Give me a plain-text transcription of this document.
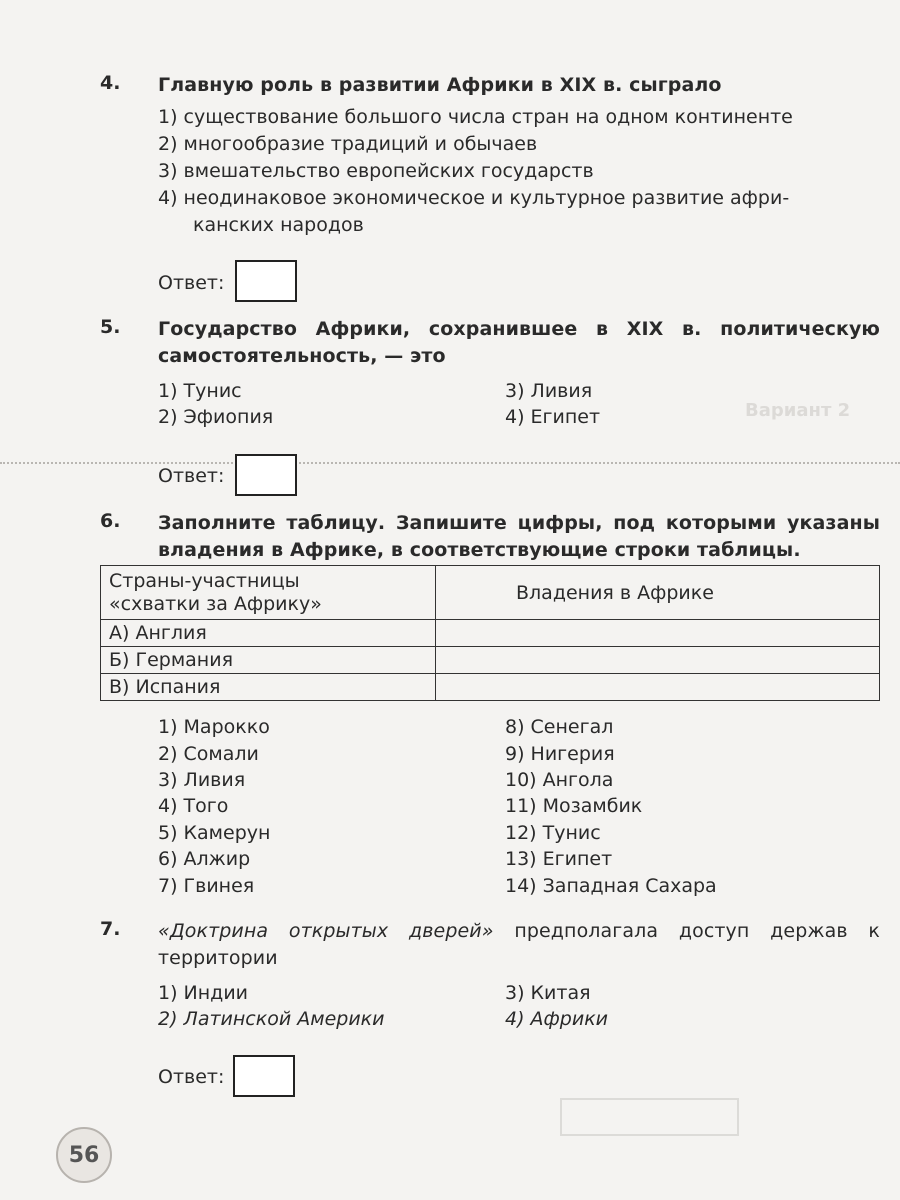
Вариант 2
4. Главную роль в развитии Африки в XIX в. сыграло
1) существование большого числа стран на одном континенте
2) многообразие традиций и обычаев
3) вмешательство европейских государств
4) неодинаковое экономическое и культурное развитие афри-
канских народов
Ответ:
5. Государство Африки, сохранившее в XIX в. политическую самостоятельность, — это
1) Тунис
2) Эфиопия
3) Ливия
4) Египет
Ответ:
6. Заполните таблицу. Запишите цифры, под которыми указаны владения в Африке, в соответствующие строки таблицы.
Страны-участницы
«схватки за Африку»	Владения в Африке
А) Англия	
Б) Германия	
В) Испания	
1) Марокко
2) Сомали
3) Ливия
4) Того
5) Камерун
6) Алжир
7) Гвинея
8) Сенегал
9) Нигерия
10) Ангола
11) Мозамбик
12) Тунис
13) Египет
14) Западная Сахара
7. «Доктрина открытых дверей» предполагала доступ держав к территории
1) Индии
2) Латинской Америки
3) Китая
4) Африки
Ответ:
56
